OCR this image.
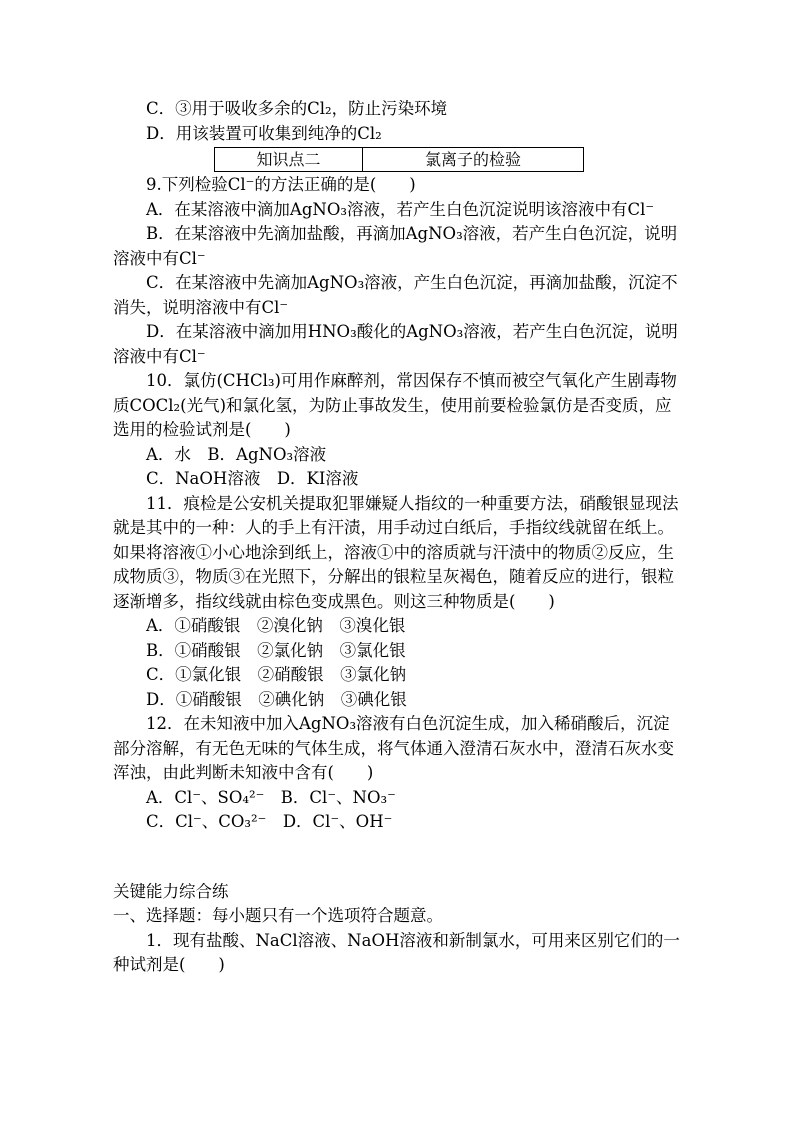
C．③用于吸收多余的Cl₂，防止污染环境

D．用该装置可收集到纯净的Cl₂

知识点二	氯离子的检验

9.下列检验Cl⁻的方法正确的是(　　)

A．在某溶液中滴加AgNO₃溶液，若产生白色沉淀说明该溶液中有Cl⁻

B．在某溶液中先滴加盐酸，再滴加AgNO₃溶液，若产生白色沉淀，说明溶液中有Cl⁻

C．在某溶液中先滴加AgNO₃溶液，产生白色沉淀，再滴加盐酸，沉淀不消失，说明溶液中有Cl⁻

D．在某溶液中滴加用HNO₃酸化的AgNO₃溶液，若产生白色沉淀，说明溶液中有Cl⁻

10．氯仿(CHCl₃)可用作麻醉剂，常因保存不慎而被空气氧化产生剧毒物质COCl₂(光气)和氯化氢，为防止事故发生，使用前要检验氯仿是否变质，应选用的检验试剂是(　　)

A．水　B．AgNO₃溶液

C．NaOH溶液　D．KI溶液

11．痕检是公安机关提取犯罪嫌疑人指纹的一种重要方法，硝酸银显现法就是其中的一种：人的手上有汗渍，用手动过白纸后，手指纹线就留在纸上。如果将溶液①小心地涂到纸上，溶液①中的溶质就与汗渍中的物质②反应，生成物质③，物质③在光照下，分解出的银粒呈灰褐色，随着反应的进行，银粒逐渐增多，指纹线就由棕色变成黑色。则这三种物质是(　　)

A．①硝酸银　②溴化钠　③溴化银

B．①硝酸银　②氯化钠　③氯化银

C．①氯化银　②硝酸银　③氯化钠

D．①硝酸银　②碘化钠　③碘化银

12．在未知液中加入AgNO₃溶液有白色沉淀生成，加入稀硝酸后，沉淀部分溶解，有无色无味的气体生成，将气体通入澄清石灰水中，澄清石灰水变浑浊，由此判断未知液中含有(　　)

A．Cl⁻、SO₄²⁻　B．Cl⁻、NO₃⁻

C．Cl⁻、CO₃²⁻　D．Cl⁻、OH⁻

关键能力综合练

一、选择题：每小题只有一个选项符合题意。

1．现有盐酸、NaCl溶液、NaOH溶液和新制氯水，可用来区别它们的一种试剂是(　　)
